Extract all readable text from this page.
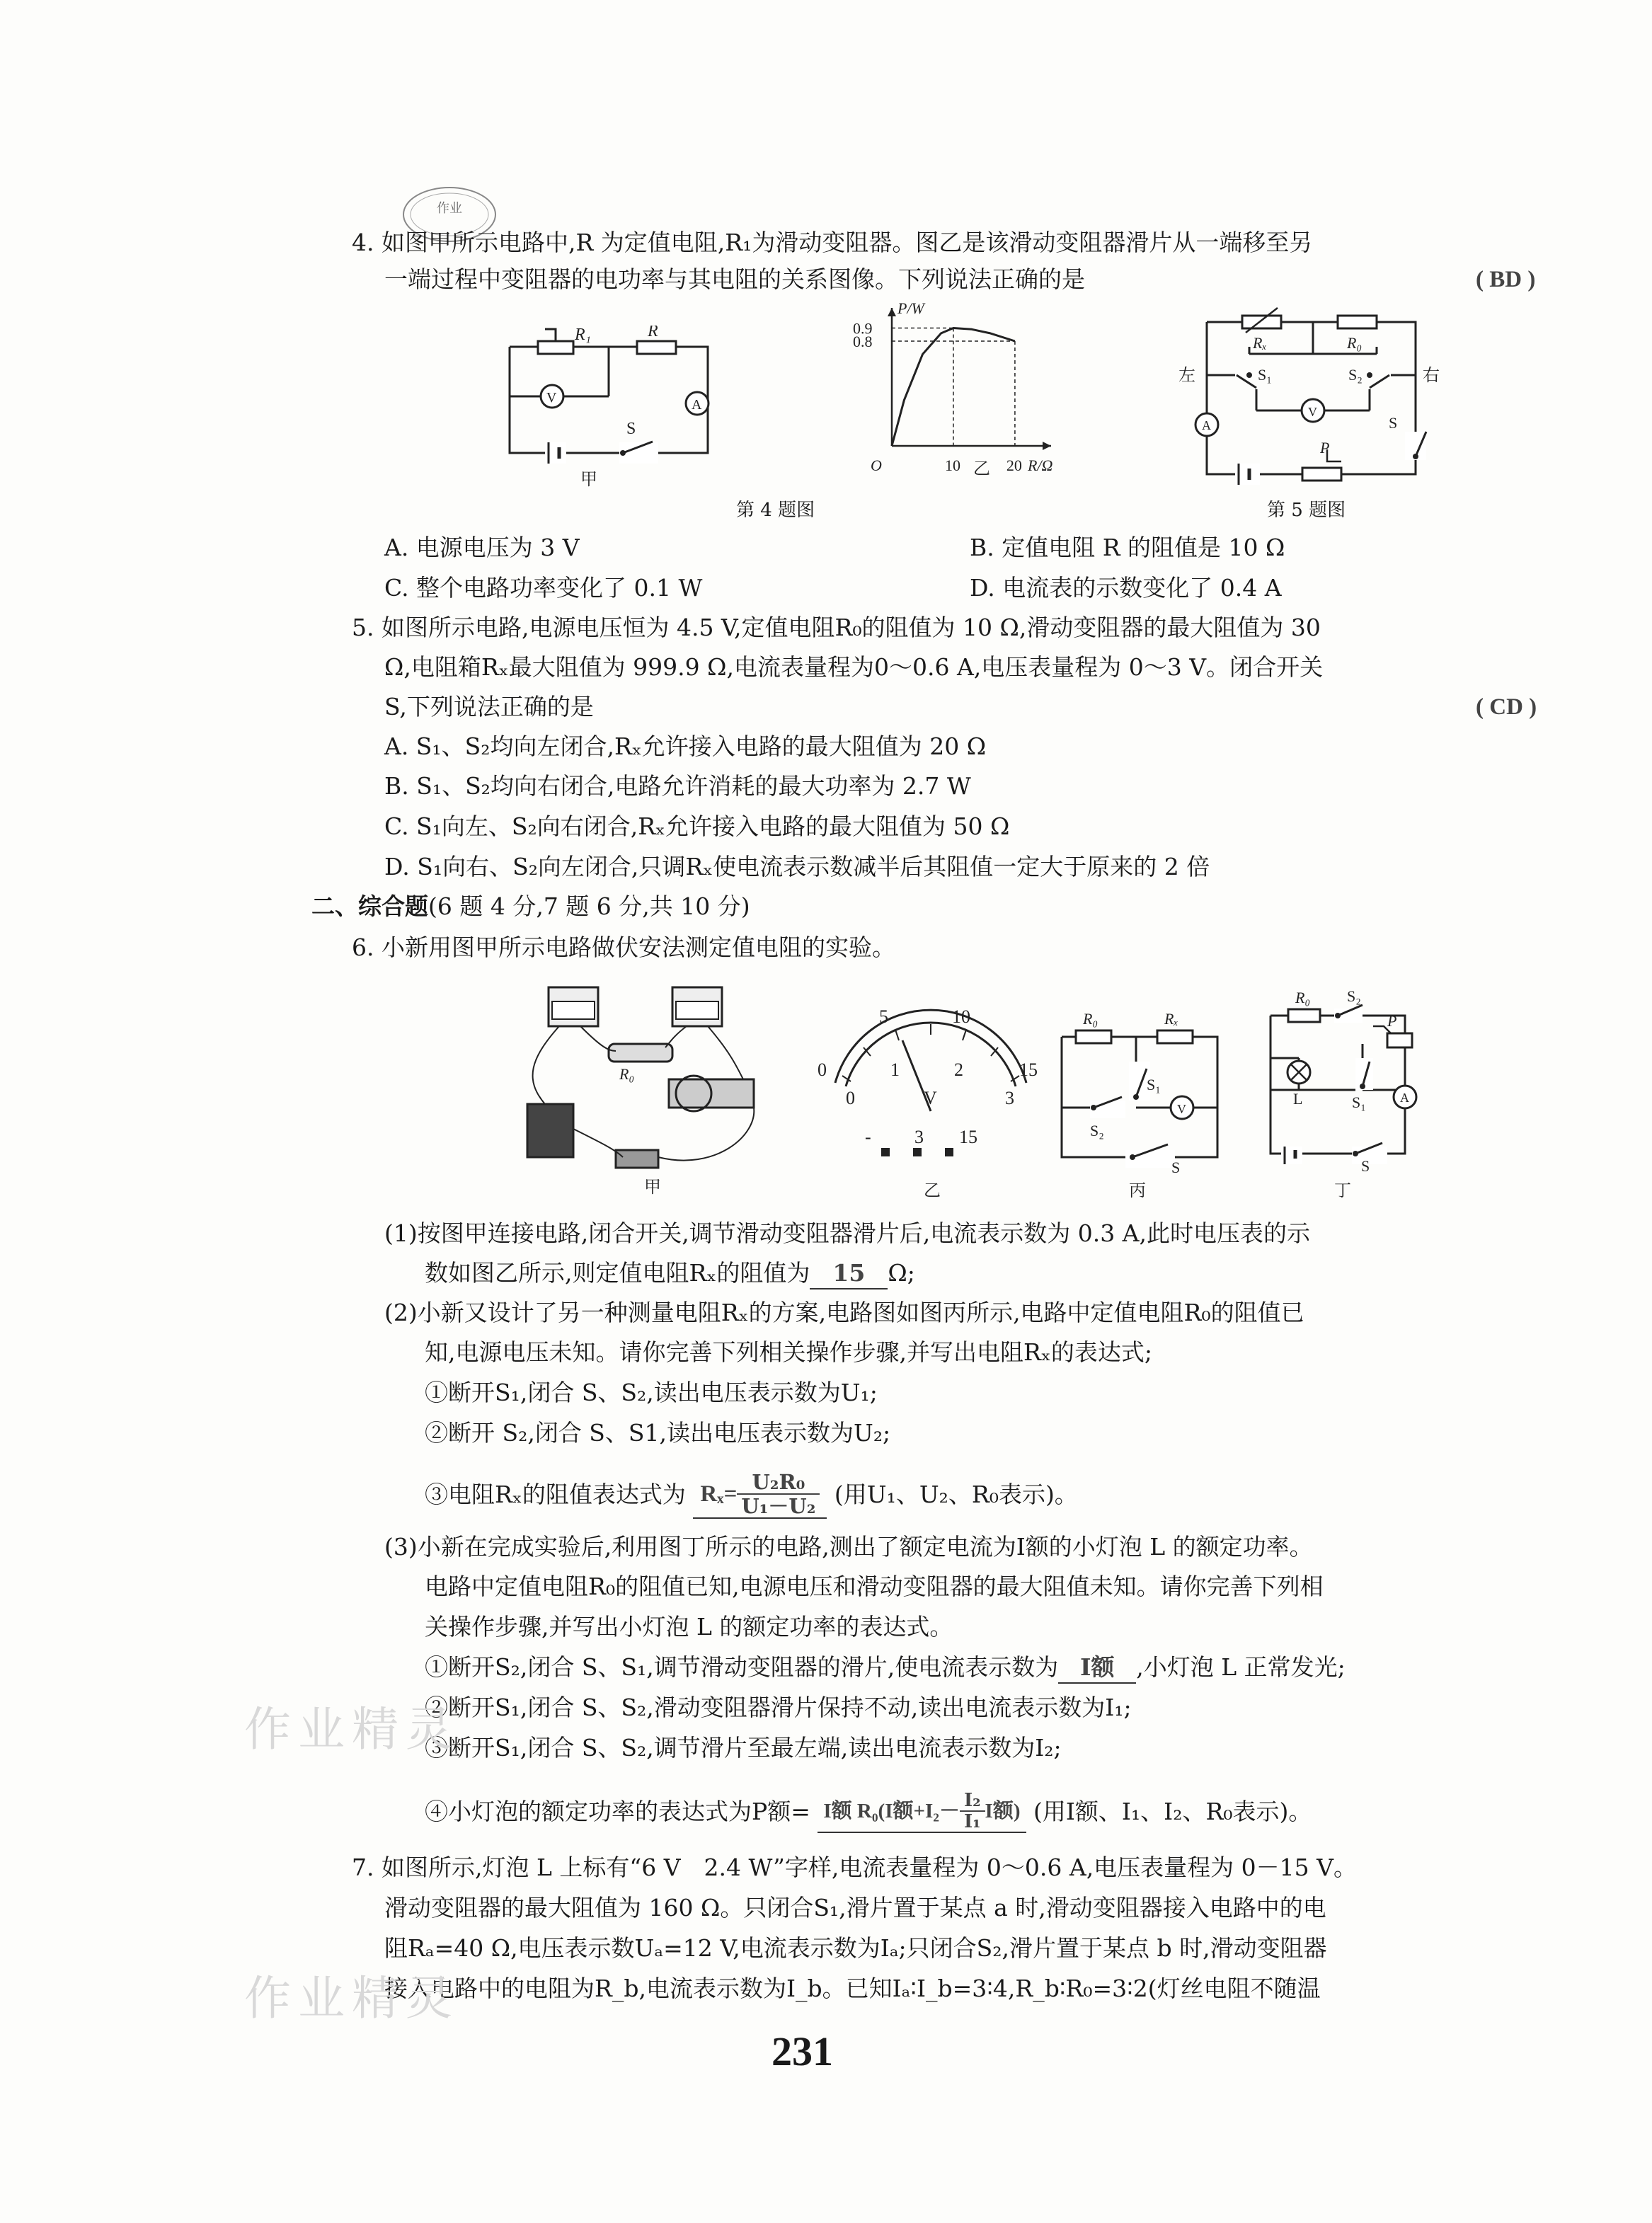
作业
4. 如图甲所示电路中,R 为定值电阻,R₁为滑动变阻器。图乙是该滑动变阻器滑片从一端移至另
一端过程中变阻器的电功率与其电阻的关系图像。下列说法正确的是	( BD )
R₁	R
V	A
S
甲
P/W
R/Ω
O	10	20
0.8
0.9
乙
Rₓ	R₀
S₁	S₂
V
A	S
P
左	右
第 4 题图	第 5 题图
A. 电源电压为 3 V	B. 定值电阻 R 的阻值是 10 Ω
C. 整个电路功率变化了 0.1 W	D. 电流表的示数变化了 0.4 A
5. 如图所示电路,电源电压恒为 4.5 V,定值电阻R₀的阻值为 10 Ω,滑动变阻器的最大阻值为 30
Ω,电阻箱Rₓ最大阻值为 999.9 Ω,电流表量程为0～0.6 A,电压表量程为 0～3 V。闭合开关
S,下列说法正确的是	( CD )
A. S₁、S₂均向左闭合,Rₓ允许接入电路的最大阻值为 20 Ω
B. S₁、S₂均向右闭合,电路允许消耗的最大功率为 2.7 W
C. S₁向左、S₂向右闭合,Rₓ允许接入电路的最大阻值为 50 Ω
D. S₁向右、S₂向左闭合,只调Rₓ使电流表示数减半后其阻值一定大于原来的 2 倍
二、综合题(6 题 4 分,7 题 6 分,共 10 分)
6. 小新用图甲所示电路做伏安法测定值电阻的实验。
R₀
甲
0
5	10
15
0
1	2
3
V
- 3 15
乙
R₀	Rₓ
S₁
V
S₂
S
丙
R₀ S₂
P
L	S₁	A
S
丁
(1)按图甲连接电路,闭合开关,调节滑动变阻器滑片后,电流表示数为 0.3 A,此时电压表的示
数如图乙所示,则定值电阻Rₓ的阻值为 15 Ω;
(2)小新又设计了另一种测量电阻Rₓ的方案,电路图如图丙所示,电路中定值电阻R₀的阻值已
知,电源电压未知。请你完善下列相关操作步骤,并写出电阻Rₓ的表达式;
①断开S₁,闭合 S、S₂,读出电压表示数为U₁;
②断开 S₂,闭合 S、S1,读出电压表示数为U₂;
③电阻Rₓ的阻值表达式为 $R_x= \frac{\text{U₂R₀}}{\text{U₁－U₂}}$ (用U₁、U₂、R₀表示)。
(3)小新在完成实验后,利用图丁所示的电路,测出了额定电流为I额的小灯泡 L 的额定功率。
电路中定值电阻R₀的阻值已知,电源电压和滑动变阻器的最大阻值未知。请你完善下列相
关操作步骤,并写出小灯泡 L 的额定功率的表达式。
①断开S₂,闭合 S、S₁,调节滑动变阻器的滑片,使电流表示数为 I额 ,小灯泡 L 正常发光;
②断开S₁,闭合 S、S₂,滑动变阻器滑片保持不动,读出电流表示数为I₁;
③断开S₁,闭合 S、S₂,调节滑片至最左端,读出电流表示数为I₂;
④小灯泡的额定功率的表达式为P额= I额 R₀(I额$+I_2- \frac{\text{I₂}}{\text{I₁}}$ I额) (用I额、I₁、I₂、R₀表示)。
7. 如图所示,灯泡 L 上标有“6 V　2.4 W”字样,电流表量程为 0～0.6 A,电压表量程为 0－15 V。
滑动变阻器的最大阻值为 160 Ω。只闭合S₁,滑片置于某点 a 时,滑动变阻器接入电路中的电
阻Rₐ=40 Ω,电压表示数Uₐ=12 V,电流表示数为Iₐ;只闭合S₂,滑片置于某点 b 时,滑动变阻器
接入电路中的电阻为R_b,电流表示数为I_b。已知Iₐ∶I_b=3∶4,R_b∶R₀=3∶2(灯丝电阻不随温
231
作业精灵
作业精灵
